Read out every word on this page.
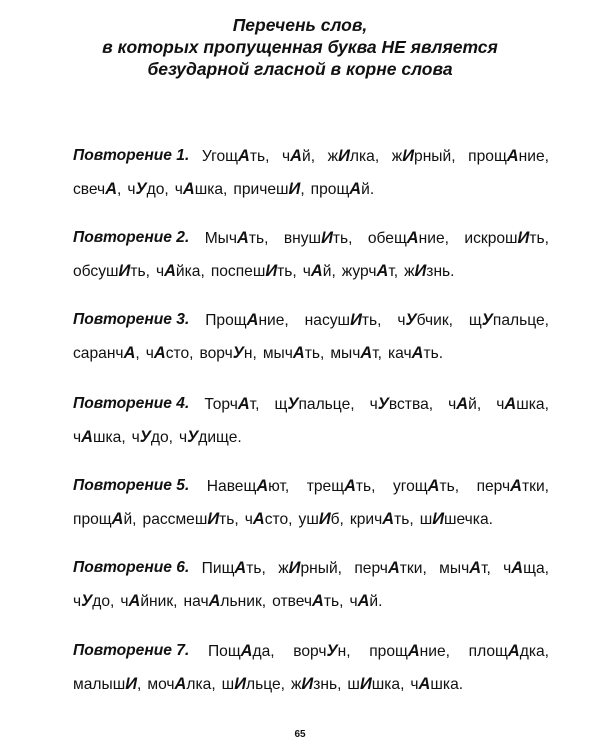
Перечень слов,
в которых пропущенная буква НЕ является
безударной гласной в корне слова
Повторение 1. УгощАть, чАй, жИлка, жИрный, прощАние,
свечА, чУдо, чАшка, причешИ, прощАй.
Повторение 2. МычАть, внушИть, обещАние, искрошИть,
обсушИть, чАйка, поспешИть, чАй, журчАт, жИзнь.
Повторение 3. ПрощАние, насушИть, чУбчик, щУпальце,
саранчА, чАсто, ворчУн, мычАть, мычАт, качАть.
Повторение 4. ТорчАт, щУпальце, чУвства, чАй, чАшка,
чАшка, чУдо, чУдище.
Повторение 5. НавещАют, трещАть, угощАть, перчАтки,
прощАй, рассмешИть, чАсто, ушИб, кричАть, шИшечка.
Повторение 6. ПищАть, жИрный, перчАтки, мычАт, чАща,
чУдо, чАйник, начАльник, отвечАть, чАй.
Повторение 7. ПощАда, ворчУн, прощАние, площАдка,
малышИ, мочАлка, шИльце, жИзнь, шИшка, чАшка.
65
